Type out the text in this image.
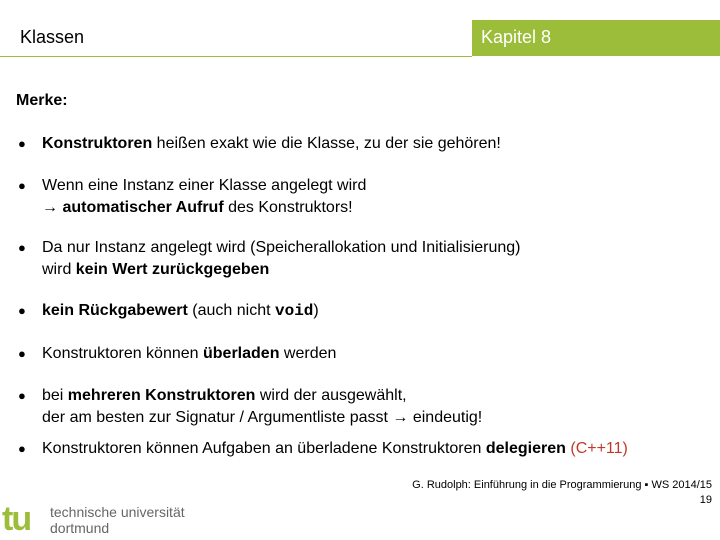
Klassen	Kapitel 8
Merke:
●	Konstruktoren heißen exakt wie die Klasse, zu der sie gehören!
●	Wenn eine Instanz einer Klasse angelegt wird
→ automatischer Aufruf des Konstruktors!
●	Da nur Instanz angelegt wird (Speicherallokation und Initialisierung)
wird kein Wert zurückgegeben
●	kein Rückgabewert (auch nicht void)
●	Konstruktoren können überladen werden
●	bei mehreren Konstruktoren wird der ausgewählt,
der am besten zur Signatur / Argumentliste passt → eindeutig!
●	Konstruktoren können Aufgaben an überladene Konstruktoren delegieren (C++11)
tu technische universität
dortmund
G. Rudolph: Einführung in die Programmierung ▪ WS 2014/15
19
